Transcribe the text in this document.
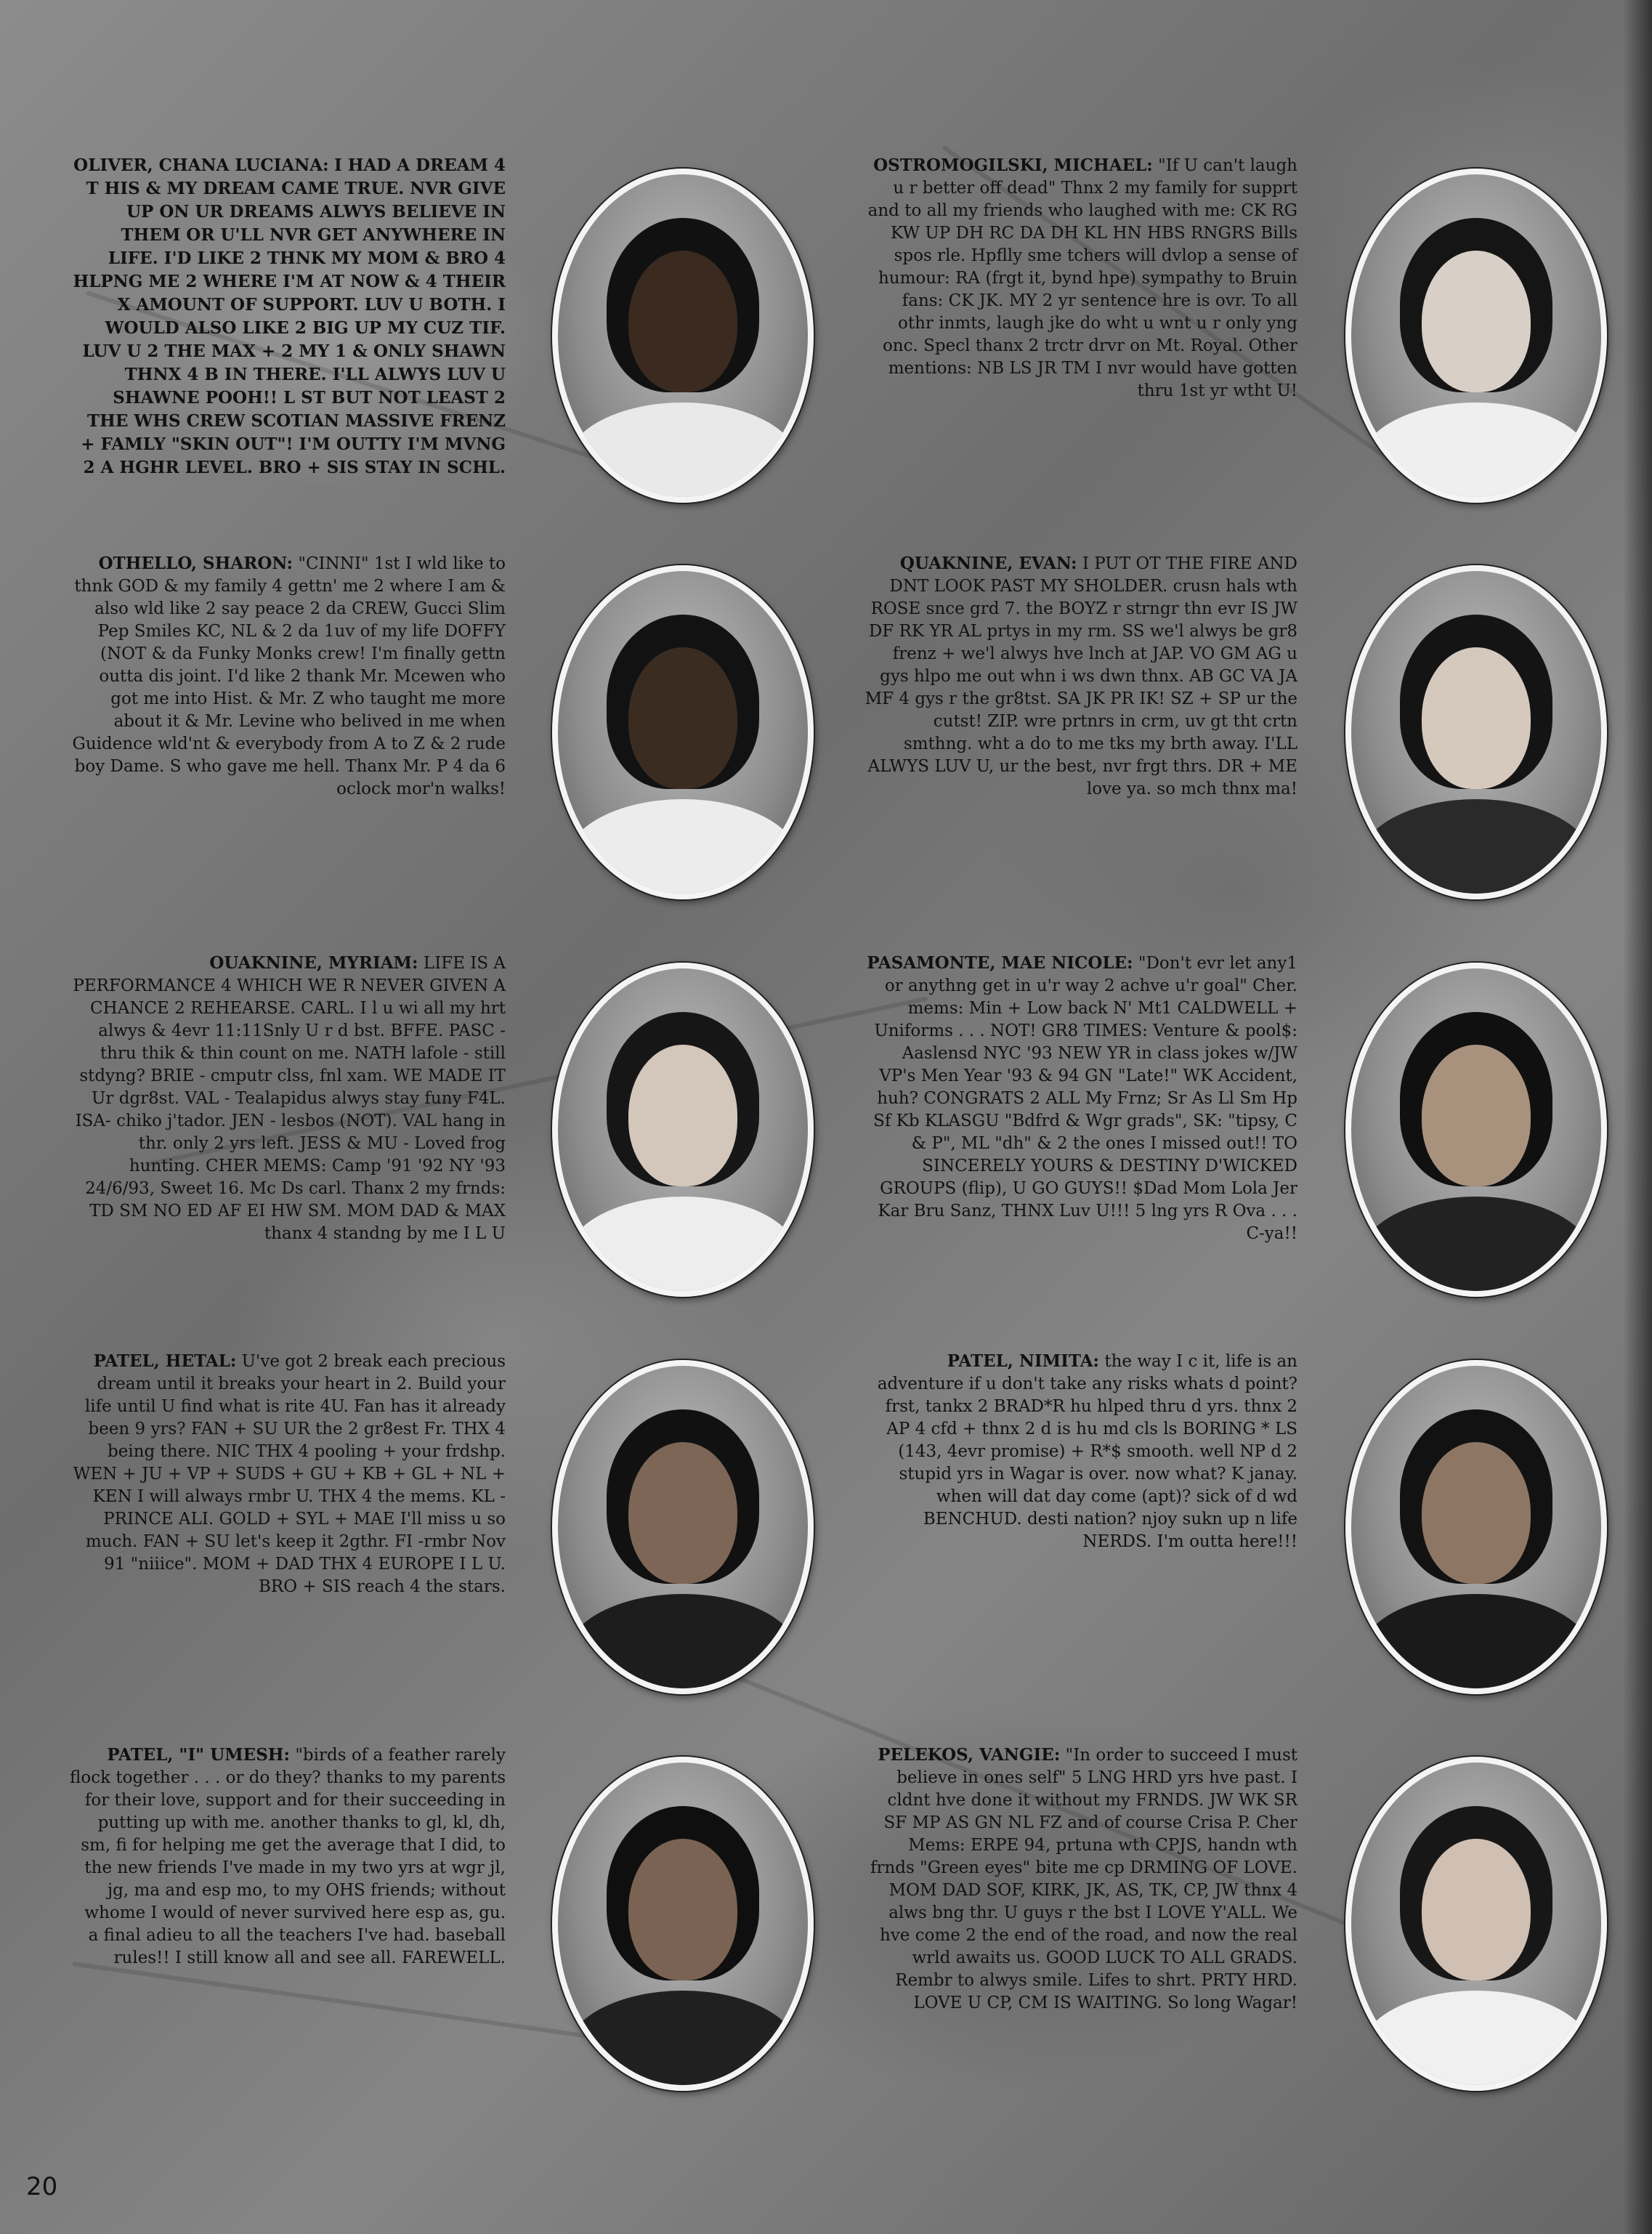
OLIVER, CHANA LUCIANA: I HAD A DREAM 4 T HIS & MY DREAM CAME TRUE. NVR GIVE UP ON UR DREAMS ALWYS BELIEVE IN THEM OR U'LL NVR GET ANYWHERE IN LIFE. I'D LIKE 2 THNK MY MOM & BRO 4 HLPNG ME 2 WHERE I'M AT NOW & 4 THEIR X AMOUNT OF SUPPORT. LUV U BOTH. I WOULD ALSO LIKE 2 BIG UP MY CUZ TIF. LUV U 2 THE MAX + 2 MY 1 & ONLY SHAWN THNX 4 B IN THERE. I'LL ALWYS LUV U SHAWNE POOH!! L ST BUT NOT LEAST 2 THE WHS CREW SCOTIAN MASSIVE FRENZ + FAMLY "SKIN OUT"! I'M OUTTY I'M MVNG 2 A HGHR LEVEL. BRO + SIS STAY IN SCHL.

OSTROMOGILSKI, MICHAEL: "If U can't laugh u r better off dead" Thnx 2 my family for supprt and to all my friends who laughed with me: CK RG KW UP DH RC DA DH KL HN HBS RNGRS Bills spos rle. Hpflly sme tchers will dvlop a sense of humour: RA (frgt it, bynd hpe) sympathy to Bruin fans: CK JK. MY 2 yr sentence hre is ovr. To all othr inmts, laugh jke do wht u wnt u r only yng onc. Specl thanx 2 trctr drvr on Mt. Royal. Other mentions: NB LS JR TM I nvr would have gotten thru 1st yr wtht U!

OTHELLO, SHARON: "CINNI" 1st I wld like to thnk GOD & my family 4 gettn' me 2 where I am & also wld like 2 say peace 2 da CREW, Gucci Slim Pep Smiles KC, NL & 2 da 1uv of my life DOFFY (NOT & da Funky Monks crew! I'm finally gettn outta dis joint. I'd like 2 thank Mr. Mcewen who got me into Hist. & Mr. Z who taught me more about it & Mr. Levine who belived in me when Guidence wld'nt & everybody from A to Z & 2 rude boy Dame. S who gave me hell. Thanx Mr. P 4 da 6 oclock mor'n walks!

QUAKNINE, EVAN: I PUT OT THE FIRE AND DNT LOOK PAST MY SHOLDER. crusn hals wth ROSE snce grd 7. the BOYZ r strngr thn evr IS JW DF RK YR AL prtys in my rm. SS we'l alwys be gr8 frenz + we'l alwys hve lnch at JAP. VO GM AG u gys hlpo me out whn i ws dwn thnx. AB GC VA JA MF 4 gys r the gr8tst. SA JK PR IK! SZ + SP ur the cutst! ZIP. wre prtnrs in crm, uv gt tht crtn smthng. wht a do to me tks my brth away. I'LL ALWYS LUV U, ur the best, nvr frgt thrs. DR + ME love ya. so mch thnx ma!

OUAKNINE, MYRIAM: LIFE IS A PERFORMANCE 4 WHICH WE R NEVER GIVEN A CHANCE 2 REHEARSE. CARL. I l u wi all my hrt alwys & 4evr 11:11Snly U r d bst. BFFE. PASC - thru thik & thin count on me. NATH lafole - still stdyng? BRIE - cmputr clss, fnl xam. WE MADE IT Ur dgr8st. VAL - Tealapidus alwys stay funy F4L. ISA- chiko j'tador. JEN - lesbos (NOT). VAL hang in thr. only 2 yrs left. JESS & MU - Loved frog hunting. CHER MEMS: Camp '91 '92 NY '93 24/6/93, Sweet 16. Mc Ds carl. Thanx 2 my frnds: TD SM NO ED AF EI HW SM. MOM DAD & MAX thanx 4 standng by me I L U

PASAMONTE, MAE NICOLE: "Don't evr let any1 or anythng get in u'r way 2 achve u'r goal" Cher. mems: Min + Low back N' Mt1 CALDWELL + Uniforms . . . NOT! GR8 TIMES: Venture & pool$: Aaslensd NYC '93 NEW YR in class jokes w/JW VP's Men Year '93 & 94 GN "Late!" WK Accident, huh? CONGRATS 2 ALL My Frnz; Sr As Ll Sm Hp Sf Kb KLASGU "Bdfrd & Wgr grads", SK: "tipsy, C & P", ML "dh" & 2 the ones I missed out!! TO SINCERELY YOURS & DESTINY D'WICKED GROUPS (flip), U GO GUYS!! $Dad Mom Lola Jer Kar Bru Sanz, THNX Luv U!!! 5 lng yrs R Ova . . . C-ya!!

PATEL, HETAL: U've got 2 break each precious dream until it breaks your heart in 2. Build your life until U find what is rite 4U. Fan has it already been 9 yrs? FAN + SU UR the 2 gr8est Fr. THX 4 being there. NIC THX 4 pooling + your frdshp. WEN + JU + VP + SUDS + GU + KB + GL + NL + KEN I will always rmbr U. THX 4 the mems. KL - PRINCE ALI. GOLD + SYL + MAE I'll miss u so much. FAN + SU let's keep it 2gthr. FI -rmbr Nov 91 "niiice". MOM + DAD THX 4 EUROPE I L U. BRO + SIS reach 4 the stars.

PATEL, NIMITA: the way I c it, life is an adventure if u don't take any risks whats d point? frst, tankx 2 BRAD*R hu hlped thru d yrs. thnx 2 AP 4 cfd + thnx 2 d is hu md cls ls BORING * LS (143, 4evr promise) + R*$ smooth. well NP d 2 stupid yrs in Wagar is over. now what? K janay. when will dat day come (apt)? sick of d wd BENCHUD. desti nation? njoy sukn up n life NERDS. I'm outta here!!!

PATEL, "I" UMESH: "birds of a feather rarely flock together . . . or do they? thanks to my parents for their love, support and for their succeeding in putting up with me. another thanks to gl, kl, dh, sm, fi for helping me get the average that I did, to the new friends I've made in my two yrs at wgr jl, jg, ma and esp mo, to my OHS friends; without whome I would of never survived here esp as, gu. a final adieu to all the teachers I've had. baseball rules!! I still know all and see all. FAREWELL.

PELEKOS, VANGIE: "In order to succeed I must believe in ones self" 5 LNG HRD yrs hve past. I cldnt hve done it without my FRNDS. JW WK SR SF MP AS GN NL FZ and of course Crisa P. Cher Mems: ERPE 94, prtuna wth CPJS, handn wth frnds "Green eyes" bite me cp DRMING OF LOVE. MOM DAD SOF, KIRK, JK, AS, TK, CP, JW thnx 4 alws bng thr. U guys r the bst I LOVE Y'ALL. We hve come 2 the end of the road, and now the real wrld awaits us. GOOD LUCK TO ALL GRADS. Rembr to alwys smile. Lifes to shrt. PRTY HRD. LOVE U CP, CM IS WAITING. So long Wagar!

20
